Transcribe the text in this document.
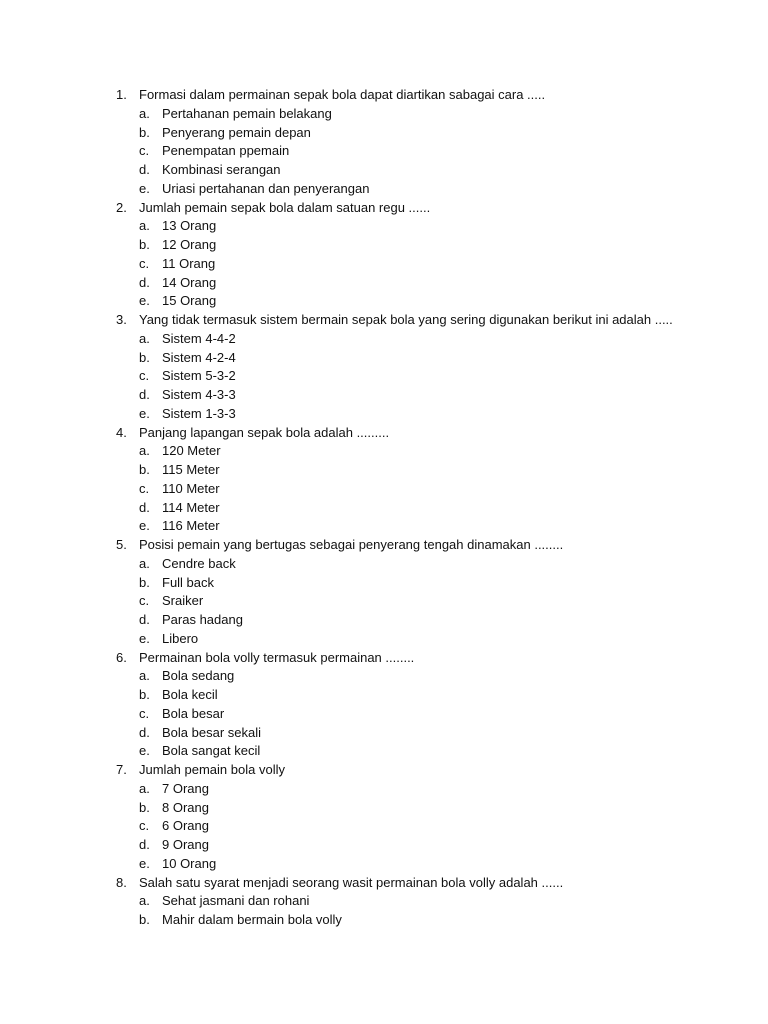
1. Formasi dalam permainan sepak bola dapat diartikan sabagai cara .....
a. Pertahanan pemain belakang
b. Penyerang pemain depan
c. Penempatan ppemain
d. Kombinasi serangan
e. Uriasi pertahanan dan penyerangan
2. Jumlah pemain sepak bola dalam satuan regu ......
a. 13 Orang
b. 12 Orang
c. 11 Orang
d. 14 Orang
e. 15 Orang
3. Yang tidak termasuk sistem bermain sepak bola yang sering digunakan berikut ini adalah .....
a. Sistem 4-4-2
b. Sistem 4-2-4
c. Sistem 5-3-2
d. Sistem 4-3-3
e. Sistem 1-3-3
4. Panjang lapangan sepak bola adalah .........
a. 120 Meter
b. 115 Meter
c. 110 Meter
d. 114 Meter
e. 116 Meter
5. Posisi pemain yang bertugas sebagai penyerang tengah dinamakan ........
a. Cendre back
b. Full back
c. Sraiker
d. Paras hadang
e. Libero
6. Permainan bola volly termasuk permainan ........
a. Bola sedang
b. Bola kecil
c. Bola besar
d. Bola besar sekali
e. Bola sangat kecil
7. Jumlah pemain bola volly
a. 7 Orang
b. 8 Orang
c. 6 Orang
d. 9 Orang
e. 10 Orang
8. Salah satu syarat menjadi seorang wasit permainan bola volly adalah ......
a. Sehat jasmani dan rohani
b. Mahir dalam bermain bola volly
